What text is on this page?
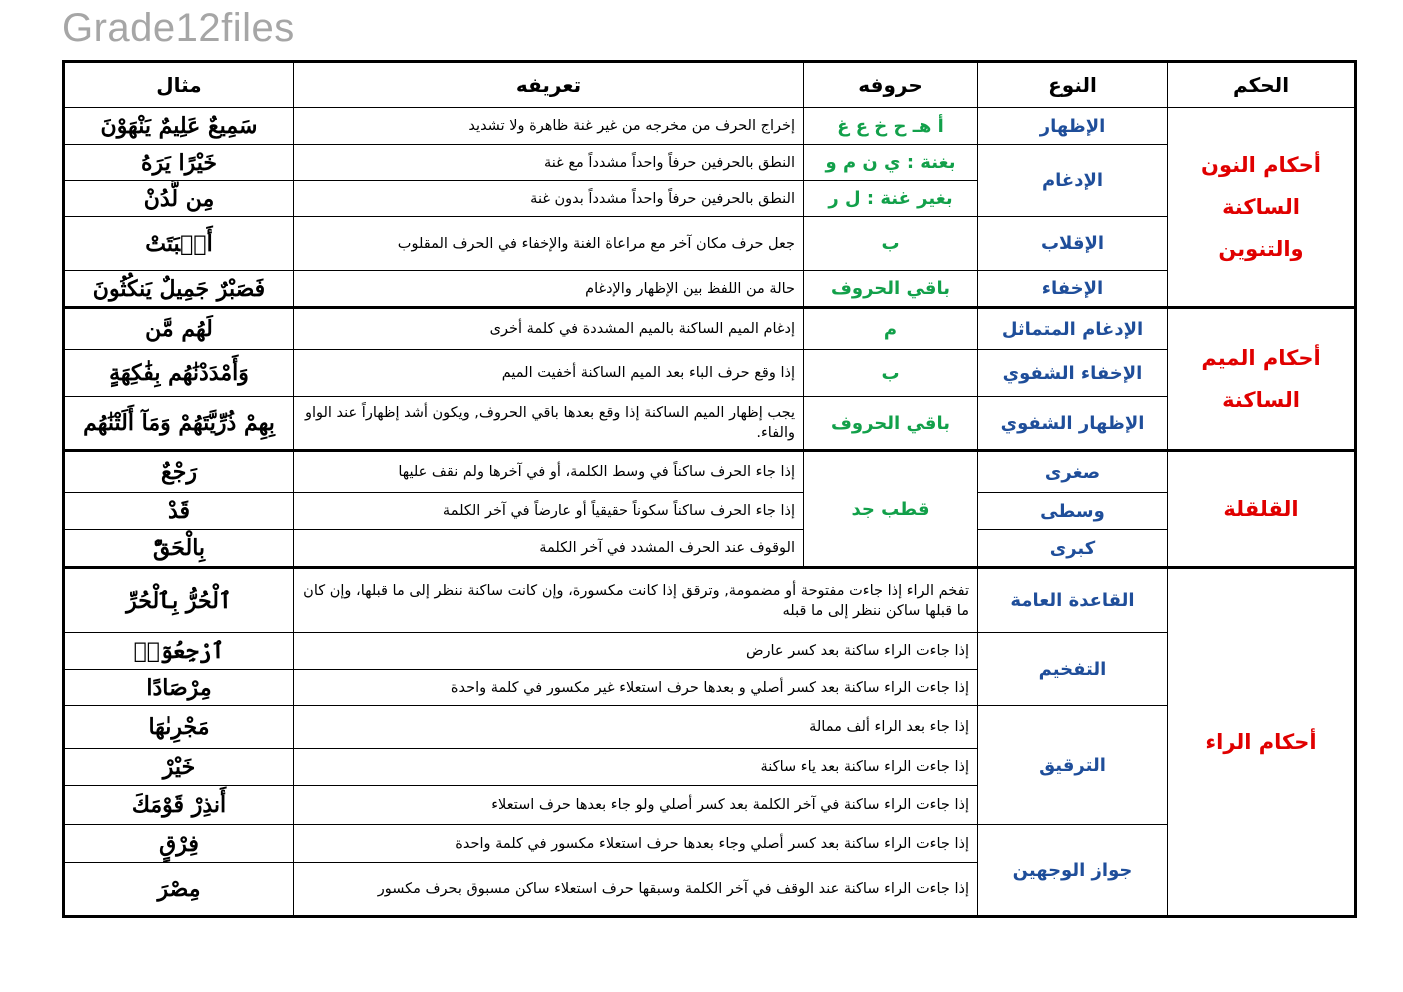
Grade12files
الحكم	النوع	حروفه	تعريفه	مثال
أحكام النون الساكنة والتنوين	الإظهار	أ هـ ح خ ع غ	إخراج الحرف من مخرجه من غير غنة ظاهرة ولا تشديد	سَمِيعٌ عَلِيمٌ يَنْهَوْنَ
	الإدغام	بغنة : ي ن م و	النطق بالحرفين حرفاً واحداً مشدداً مع غنة	خَيْرًا يَرَهُ
		بغير غنة : ل ر	النطق بالحرفين حرفاً واحداً مشدداً بدون غنة	مِن لَّدُنْ
	الإقلاب	ب	جعل حرف مكان آخر مع مراعاة الغنة والإخفاء في الحرف المقلوب	أَنۢبَتَتْ
	الإخفاء	باقي الحروف	حالة من اللفظ بين الإظهار والإدغام	فَصَبْرٌ جَمِيلٌ يَنكُثُونَ
أحكام الميم الساكنة	الإدغام المتماثل	م	إدغام الميم الساكنة بالميم المشددة في كلمة أخرى	لَهُم مَّن
	الإخفاء الشفوي	ب	إذا وقع حرف الباء بعد الميم الساكنة أخفيت الميم	وَأَمْدَدْنَٰهُم بِفَٰكِهَةٍ
	الإظهار الشفوي	باقي الحروف	يجب إظهار الميم الساكنة إذا وقع بعدها باقي الحروف, ويكون أشد إظهاراً عند الواو والفاء.	بِهِمْ ذُرِّيَّتَهُمْ وَمَآ أَلَتْنَٰهُم
القلقلة	صغرى	قطب جد	إذا جاء الحرف ساكناً في وسط الكلمة، أو في آخرها ولم نقف عليها	رَجْعٌ
	وسطى		إذا جاء الحرف ساكناً سكوناً حقيقياً أو عارضاً في آخر الكلمة	قَدْ
	كبرى		الوقوف عند الحرف المشدد في آخر الكلمة	بِالْحَقّْ
أحكام الراء	القاعدة العامة	تفخم الراء إذا جاءت مفتوحة أو مضمومة, وترقق إذا كانت مكسورة، وإن كانت ساكنة ننظر إلى ما قبلها، وإن كان ما قبلها ساكن ننظر إلى ما قبله		ٱلْحُرُّ بِٱلْحُرِّ
	التفخيم	إذا جاءت الراء ساكنة بعد كسر عارض		ٱرْجِعُوٓا۟
		إذا جاءت الراء ساكنة بعد كسر أصلي و بعدها حرف استعلاء غير مكسور في كلمة واحدة		مِرْصَادًا
	الترقيق	إذا جاء بعد الراء ألف ممالة		مَجْرِىٰهَا
		إذا جاءت الراء ساكنة بعد ياء ساكنة		خَيْرْ
		إذا جاءت الراء ساكنة في آخر الكلمة بعد كسر أصلي ولو جاء بعدها حرف استعلاء		أَنذِرْ قَوْمَكَ
	جواز الوجهين	إذا جاءت الراء ساكنة بعد كسر أصلي وجاء بعدها حرف استعلاء مكسور في كلمة واحدة		فِرْقٍ
		إذا جاءت الراء ساكنة عند الوقف في آخر الكلمة وسبقها حرف استعلاء ساكن مسبوق بحرف مكسور		مِصْرَ
